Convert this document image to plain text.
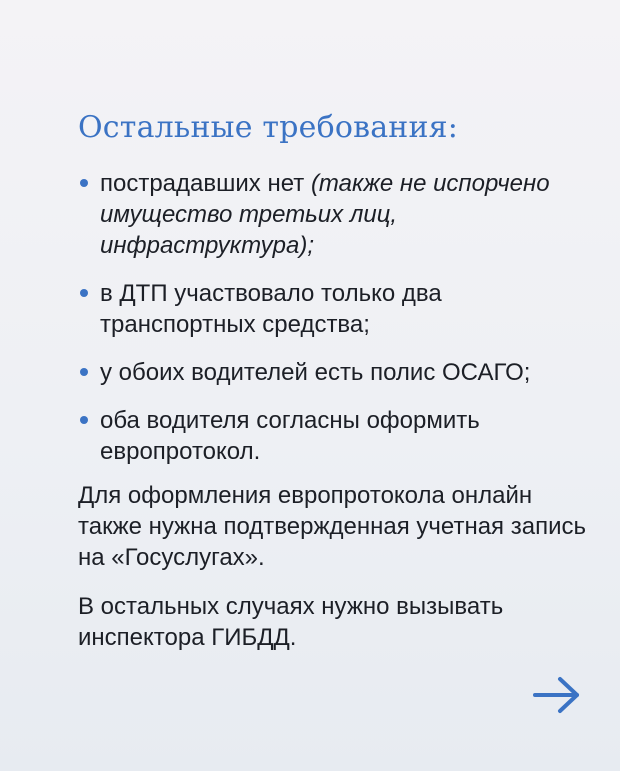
Остальные требования:
пострадавших нет (также не испорчено имущество третьих лиц, инфраструктура);
в ДТП участвовало только два транспортных средства;
у обоих водителей есть полис ОСАГО;
оба водителя согласны оформить европротокол.

Для оформления европротокола онлайн также нужна подтвержденная учетная запись на «Госуслугах».

В остальных случаях нужно вызывать инспектора ГИБДД.
